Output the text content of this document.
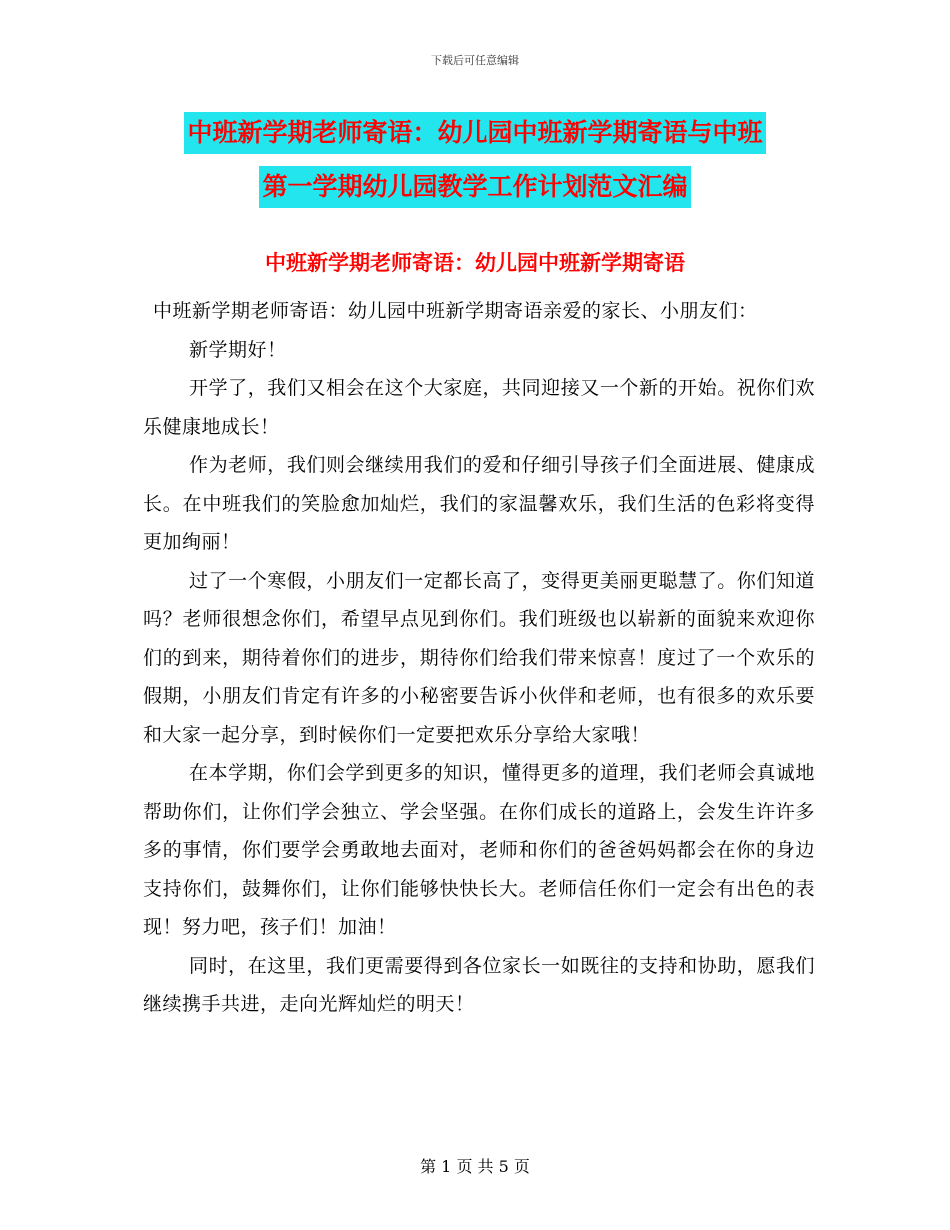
下载后可任意编辑
中班新学期老师寄语：幼儿园中班新学期寄语与中班
第一学期幼儿园教学工作计划范文汇编
中班新学期老师寄语：幼儿园中班新学期寄语

中班新学期老师寄语：幼儿园中班新学期寄语亲爱的家长、小朋友们：

新学期好！

开学了，我们又相会在这个大家庭，共同迎接又一个新的开始。祝你们欢乐健康地成长！

作为老师，我们则会继续用我们的爱和仔细引导孩子们全面进展、健康成长。在中班我们的笑脸愈加灿烂，我们的家温馨欢乐，我们生活的色彩将变得更加绚丽！

过了一个寒假，小朋友们一定都长高了，变得更美丽更聪慧了。你们知道吗？老师很想念你们，希望早点见到你们。我们班级也以崭新的面貌来欢迎你们的到来，期待着你们的进步，期待你们给我们带来惊喜！度过了一个欢乐的假期，小朋友们肯定有许多的小秘密要告诉小伙伴和老师，也有很多的欢乐要和大家一起分享，到时候你们一定要把欢乐分享给大家哦！

在本学期，你们会学到更多的知识，懂得更多的道理，我们老师会真诚地帮助你们，让你们学会独立、学会坚强。在你们成长的道路上，会发生许许多多的事情，你们要学会勇敢地去面对，老师和你们的爸爸妈妈都会在你的身边支持你们，鼓舞你们，让你们能够快快长大。老师信任你们一定会有出色的表现！努力吧，孩子们！加油！

同时，在这里，我们更需要得到各位家长一如既往的支持和协助，愿我们继续携手共进，走向光辉灿烂的明天！

第 1 页 共 5 页
